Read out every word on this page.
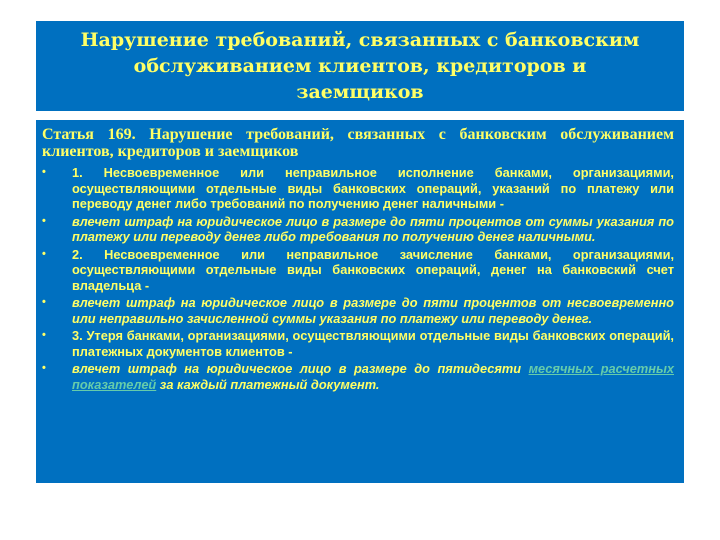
Нарушение требований, связанных с банковским обслуживанием клиентов, кредиторов и заемщиков
Статья 169. Нарушение требований, связанных с банковским обслуживанием клиентов, кредиторов и заемщиков
•	1. Несвоевременное или неправильное исполнение банками, организациями, осуществляющими отдельные виды банковских операций, указаний по платежу или переводу денег либо требований по получению денег наличными -
•	влечет штраф на юридическое лицо в размере до пяти процентов от суммы указания по платежу или переводу денег либо требования по получению денег наличными.
•	2. Несвоевременное или неправильное зачисление банками, организациями, осуществляющими отдельные виды банковских операций, денег на банковский счет владельца -
•	влечет штраф на юридическое лицо в размере до пяти процентов от несвоевременно или неправильно зачисленной суммы указания по платежу или переводу денег.
•	3. Утеря банками, организациями, осуществляющими отдельные виды банковских операций, платежных документов клиентов -
•	влечет штраф на юридическое лицо в размере до пятидесяти месячных расчетных показателей за каждый платежный документ.
